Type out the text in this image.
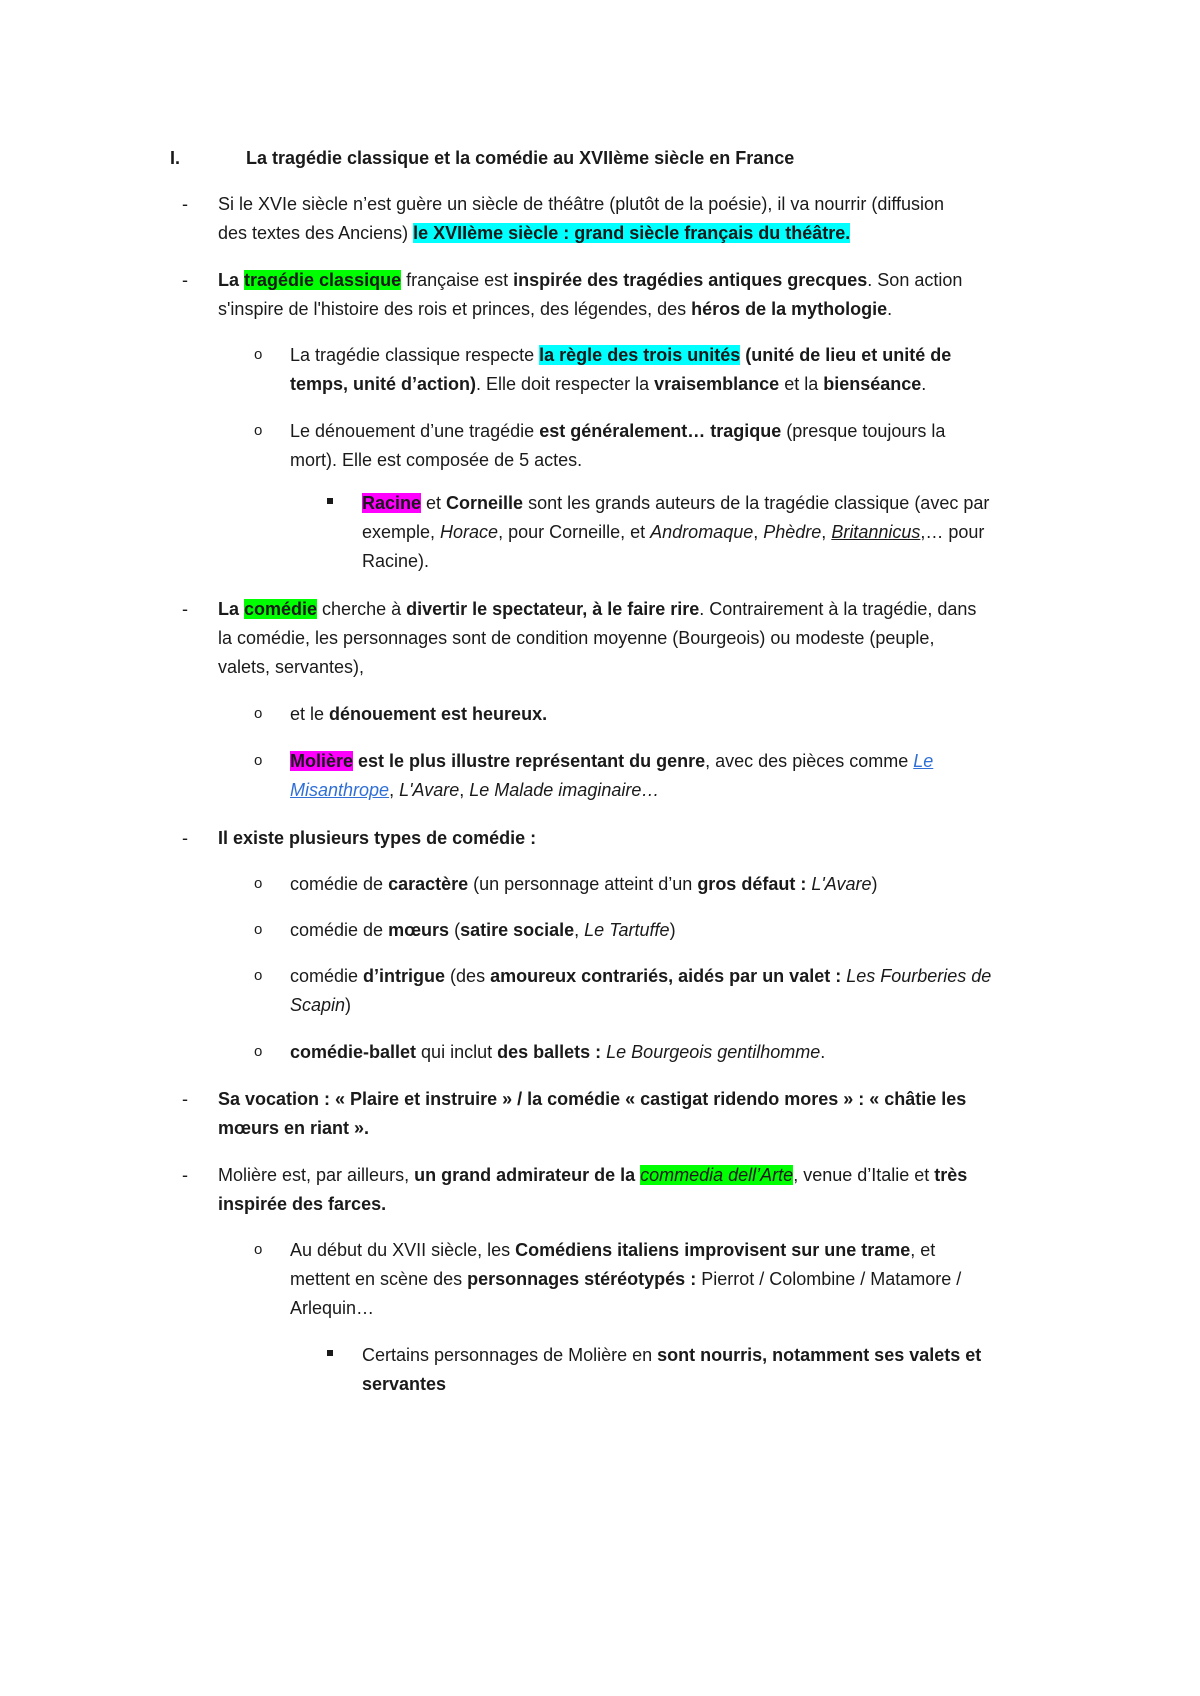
I.	La tragédie classique et la comédie au XVIIème siècle en France
- Si le XVIe siècle n’est guère un siècle de théâtre (plutôt de la poésie), il va nourrir (diffusion
des textes des Anciens) le XVIIème siècle : grand siècle français du théâtre.
- La tragédie classique française est inspirée des tragédies antiques grecques. Son action
s'inspire de l'histoire des rois et princes, des légendes, des héros de la mythologie.
o La tragédie classique respecte la règle des trois unités (unité de lieu et unité de
temps, unité d’action). Elle doit respecter la vraisemblance et la bienséance.
o Le dénouement d’une tragédie est généralement… tragique (presque toujours la
mort). Elle est composée de 5 actes.
Racine et Corneille sont les grands auteurs de la tragédie classique (avec par
exemple, Horace, pour Corneille, et Andromaque, Phèdre, Britannicus,… pour
Racine).
- La comédie cherche à divertir le spectateur, à le faire rire. Contrairement à la tragédie, dans
la comédie, les personnages sont de condition moyenne (Bourgeois) ou modeste (peuple,
valets, servantes),
o et le dénouement est heureux.
o Molière est le plus illustre représentant du genre, avec des pièces comme Le
Misanthrope, L'Avare, Le Malade imaginaire…
- Il existe plusieurs types de comédie :
o comédie de caractère (un personnage atteint d’un gros défaut : L'Avare)
o comédie de mœurs (satire sociale, Le Tartuffe)
o comédie d’intrigue (des amoureux contrariés, aidés par un valet : Les Fourberies de
Scapin)
o comédie-ballet qui inclut des ballets : Le Bourgeois gentilhomme.
- Sa vocation : « Plaire et instruire » / la comédie « castigat ridendo mores » : « châtie les
mœurs en riant ».
- Molière est, par ailleurs, un grand admirateur de la commedia dell’Arte, venue d’Italie et très
inspirée des farces.
o Au début du XVII siècle, les Comédiens italiens improvisent sur une trame, et
mettent en scène des personnages stéréotypés : Pierrot / Colombine / Matamore /
Arlequin…
Certains personnages de Molière en sont nourris, notamment ses valets et
servantes
